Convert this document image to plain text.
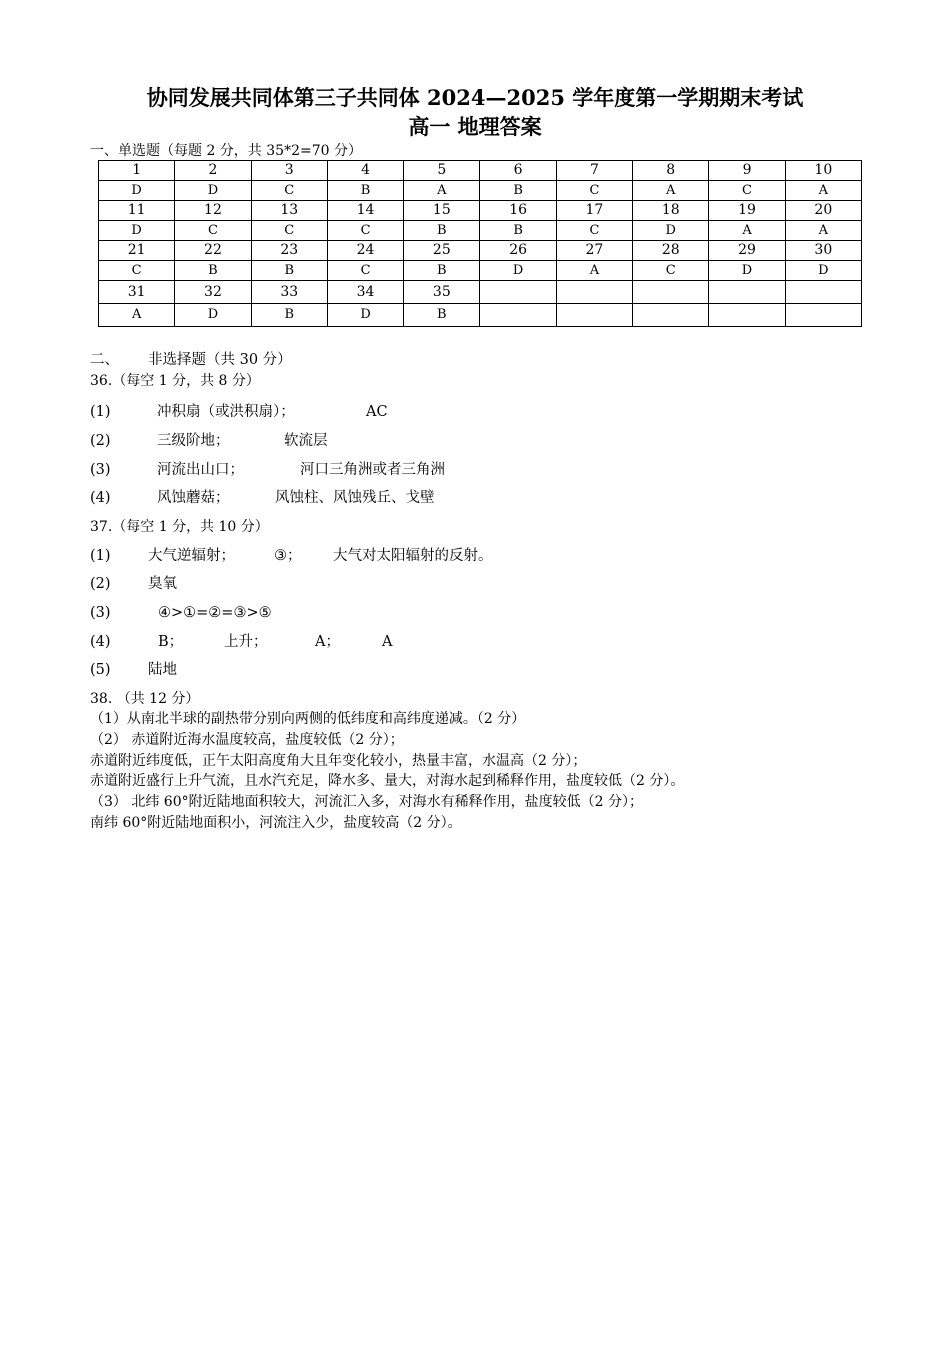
协同发展共同体第三子共同体 2024—2025 学年度第一学期期末考试
高一 地理答案
一、单选题（每题 2 分，共 35*2=70 分）
1	2	3	4	5	6	7	8	9	10
D	D	C	B	A	B	C	A	C	A
11	12	13	14	15	16	17	18	19	20
D	C	C	C	B	B	C	D	A	A
21	22	23	24	25	26	27	28	29	30
C	B	B	C	B	D	A	C	D	D
31	32	33	34	35					
A	D	B	D	B					
二、 非选择题（共 30 分）
36.（每空 1 分，共 8 分）
(1)	冲积扇（或洪积扇）；	AC
(2)	三级阶地；	软流层
(3)	河流出山口；	河口三角洲或者三角洲
(4)	风蚀蘑菇；	风蚀柱、风蚀残丘、戈壁
37.（每空 1 分，共 10 分）
(1)	大气逆辐射；	③； 大气对太阳辐射的反射。
(2)	臭氧
(3)	④>①=②=③>⑤
(4)	B；	上升；	A；	A
(5)	陆地
38. （共 12 分）
（1）从南北半球的副热带分别向两侧的低纬度和高纬度递减。（2 分）
（2） 赤道附近海水温度较高，盐度较低（2 分）；
赤道附近纬度低，正午太阳高度角大且年变化较小，热量丰富，水温高（2 分）；
赤道附近盛行上升气流，且水汽充足，降水多、量大，对海水起到稀释作用，盐度较低（2 分）。
（3） 北纬 60°附近陆地面积较大，河流汇入多，对海水有稀释作用，盐度较低（2 分）；
南纬 60°附近陆地面积小，河流注入少，盐度较高（2 分）。
